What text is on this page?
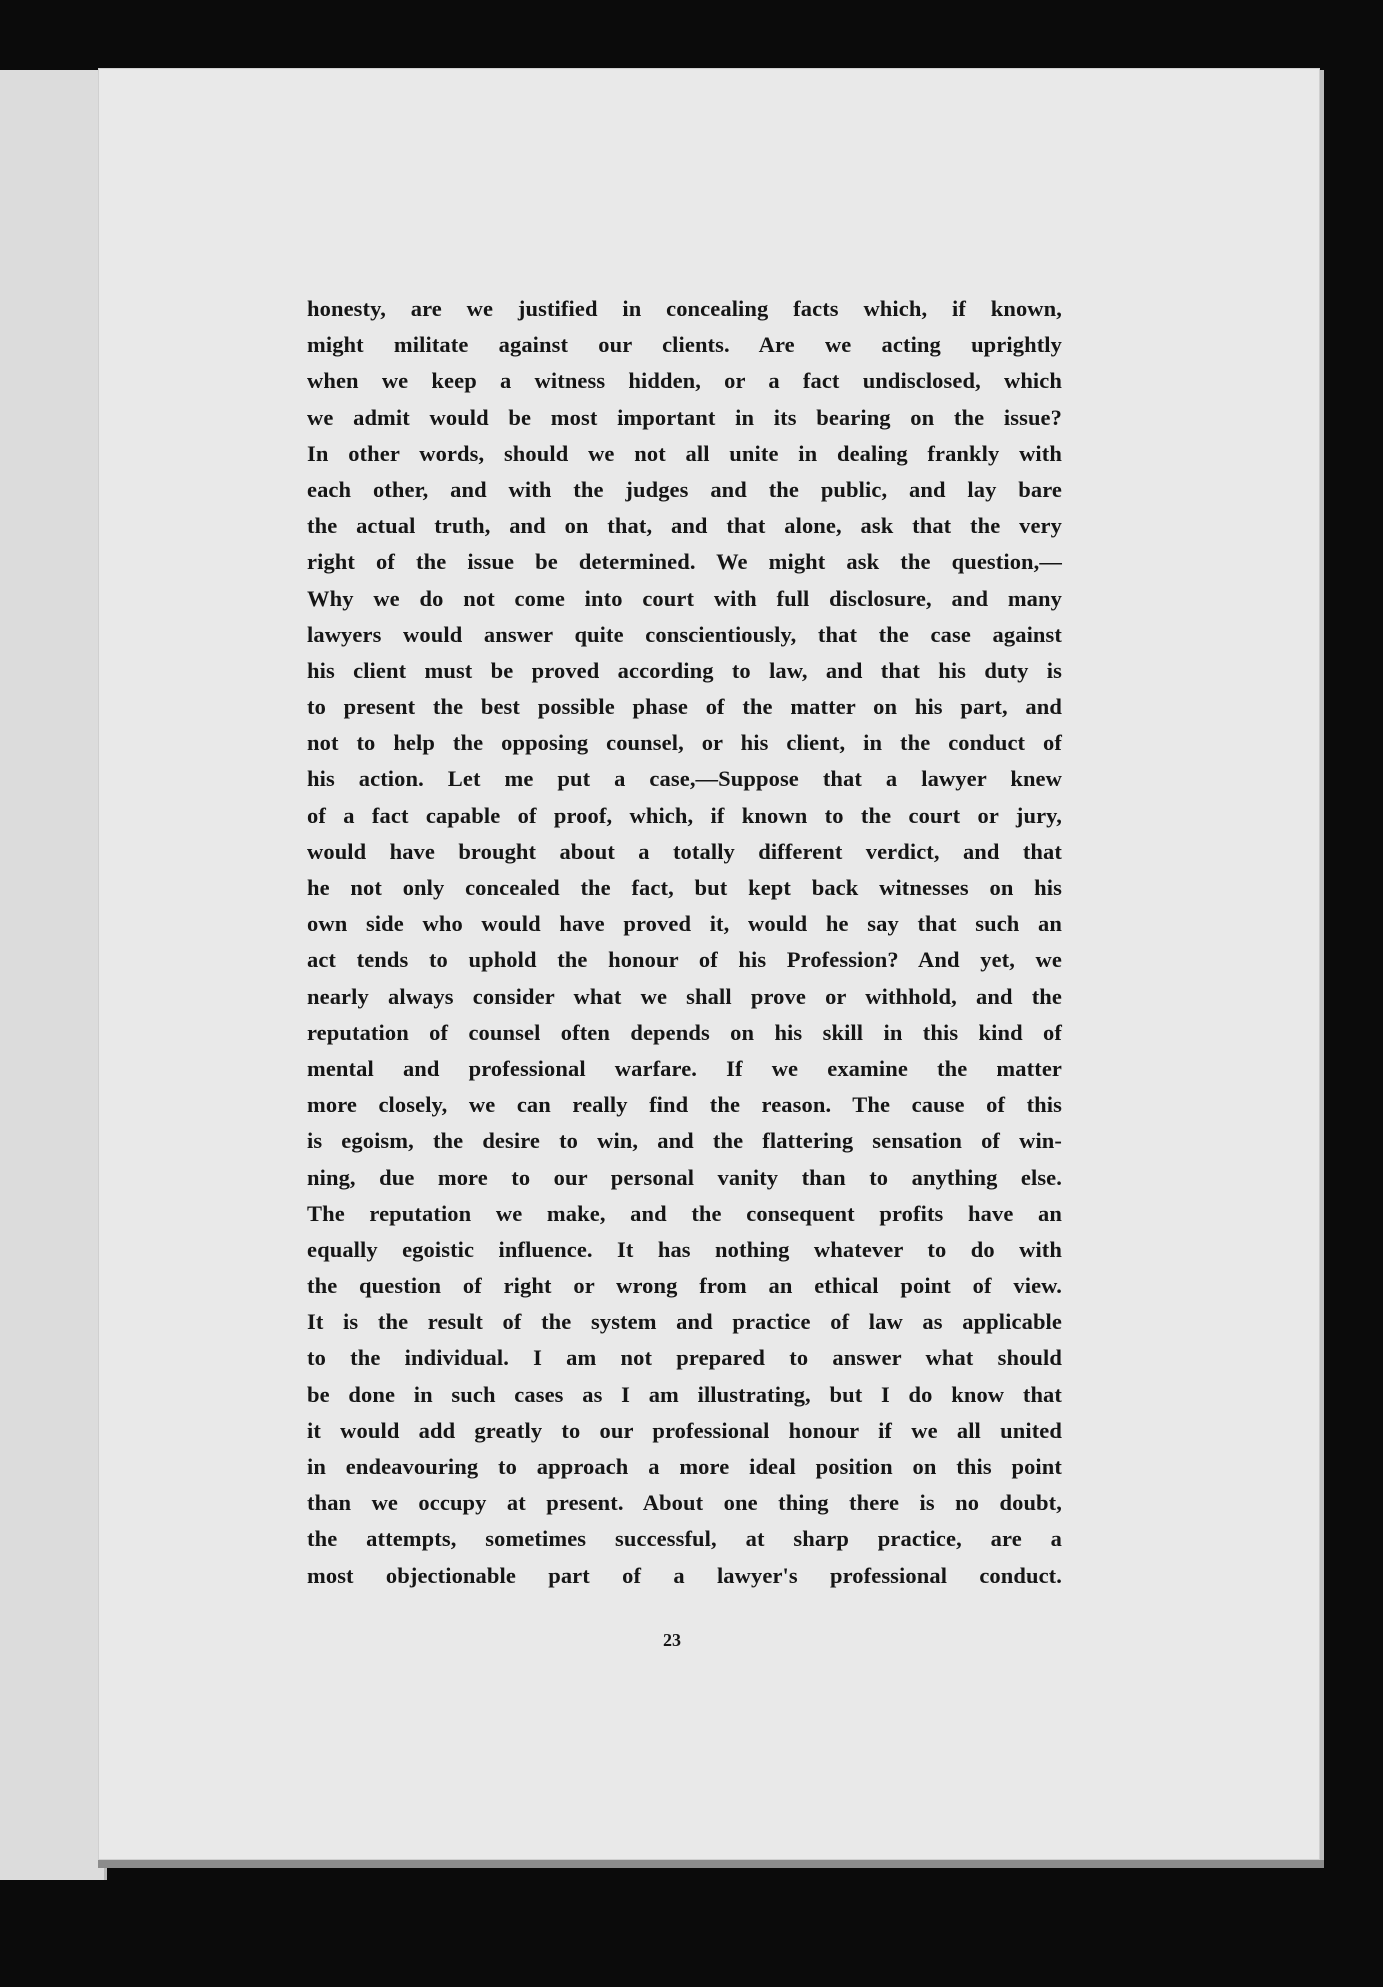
honesty, are we justified in concealing facts which, if known,
might militate against our clients. Are we acting uprightly
when we keep a witness hidden, or a fact undisclosed, which
we admit would be most important in its bearing on the issue?
In other words, should we not all unite in dealing frankly with
each other, and with the judges and the public, and lay bare
the actual truth, and on that, and that alone, ask that the very
right of the issue be determined. We might ask the question,—
Why we do not come into court with full disclosure, and many
lawyers would answer quite conscientiously, that the case against
his client must be proved according to law, and that his duty is
to present the best possible phase of the matter on his part, and
not to help the opposing counsel, or his client, in the conduct of
his action. Let me put a case,—Suppose that a lawyer knew
of a fact capable of proof, which, if known to the court or jury,
would have brought about a totally different verdict, and that
he not only concealed the fact, but kept back witnesses on his
own side who would have proved it, would he say that such an
act tends to uphold the honour of his Profession? And yet, we
nearly always consider what we shall prove or withhold, and the
reputation of counsel often depends on his skill in this kind of
mental and professional warfare. If we examine the matter
more closely, we can really find the reason. The cause of this
is egoism, the desire to win, and the flattering sensation of win-
ning, due more to our personal vanity than to anything else.
The reputation we make, and the consequent profits have an
equally egoistic influence. It has nothing whatever to do with
the question of right or wrong from an ethical point of view.
It is the result of the system and practice of law as applicable
to the individual. I am not prepared to answer what should
be done in such cases as I am illustrating, but I do know that
it would add greatly to our professional honour if we all united
in endeavouring to approach a more ideal position on this point
than we occupy at present. About one thing there is no doubt,
the attempts, sometimes successful, at sharp practice, are a
most objectionable part of a lawyer's professional conduct.
23
